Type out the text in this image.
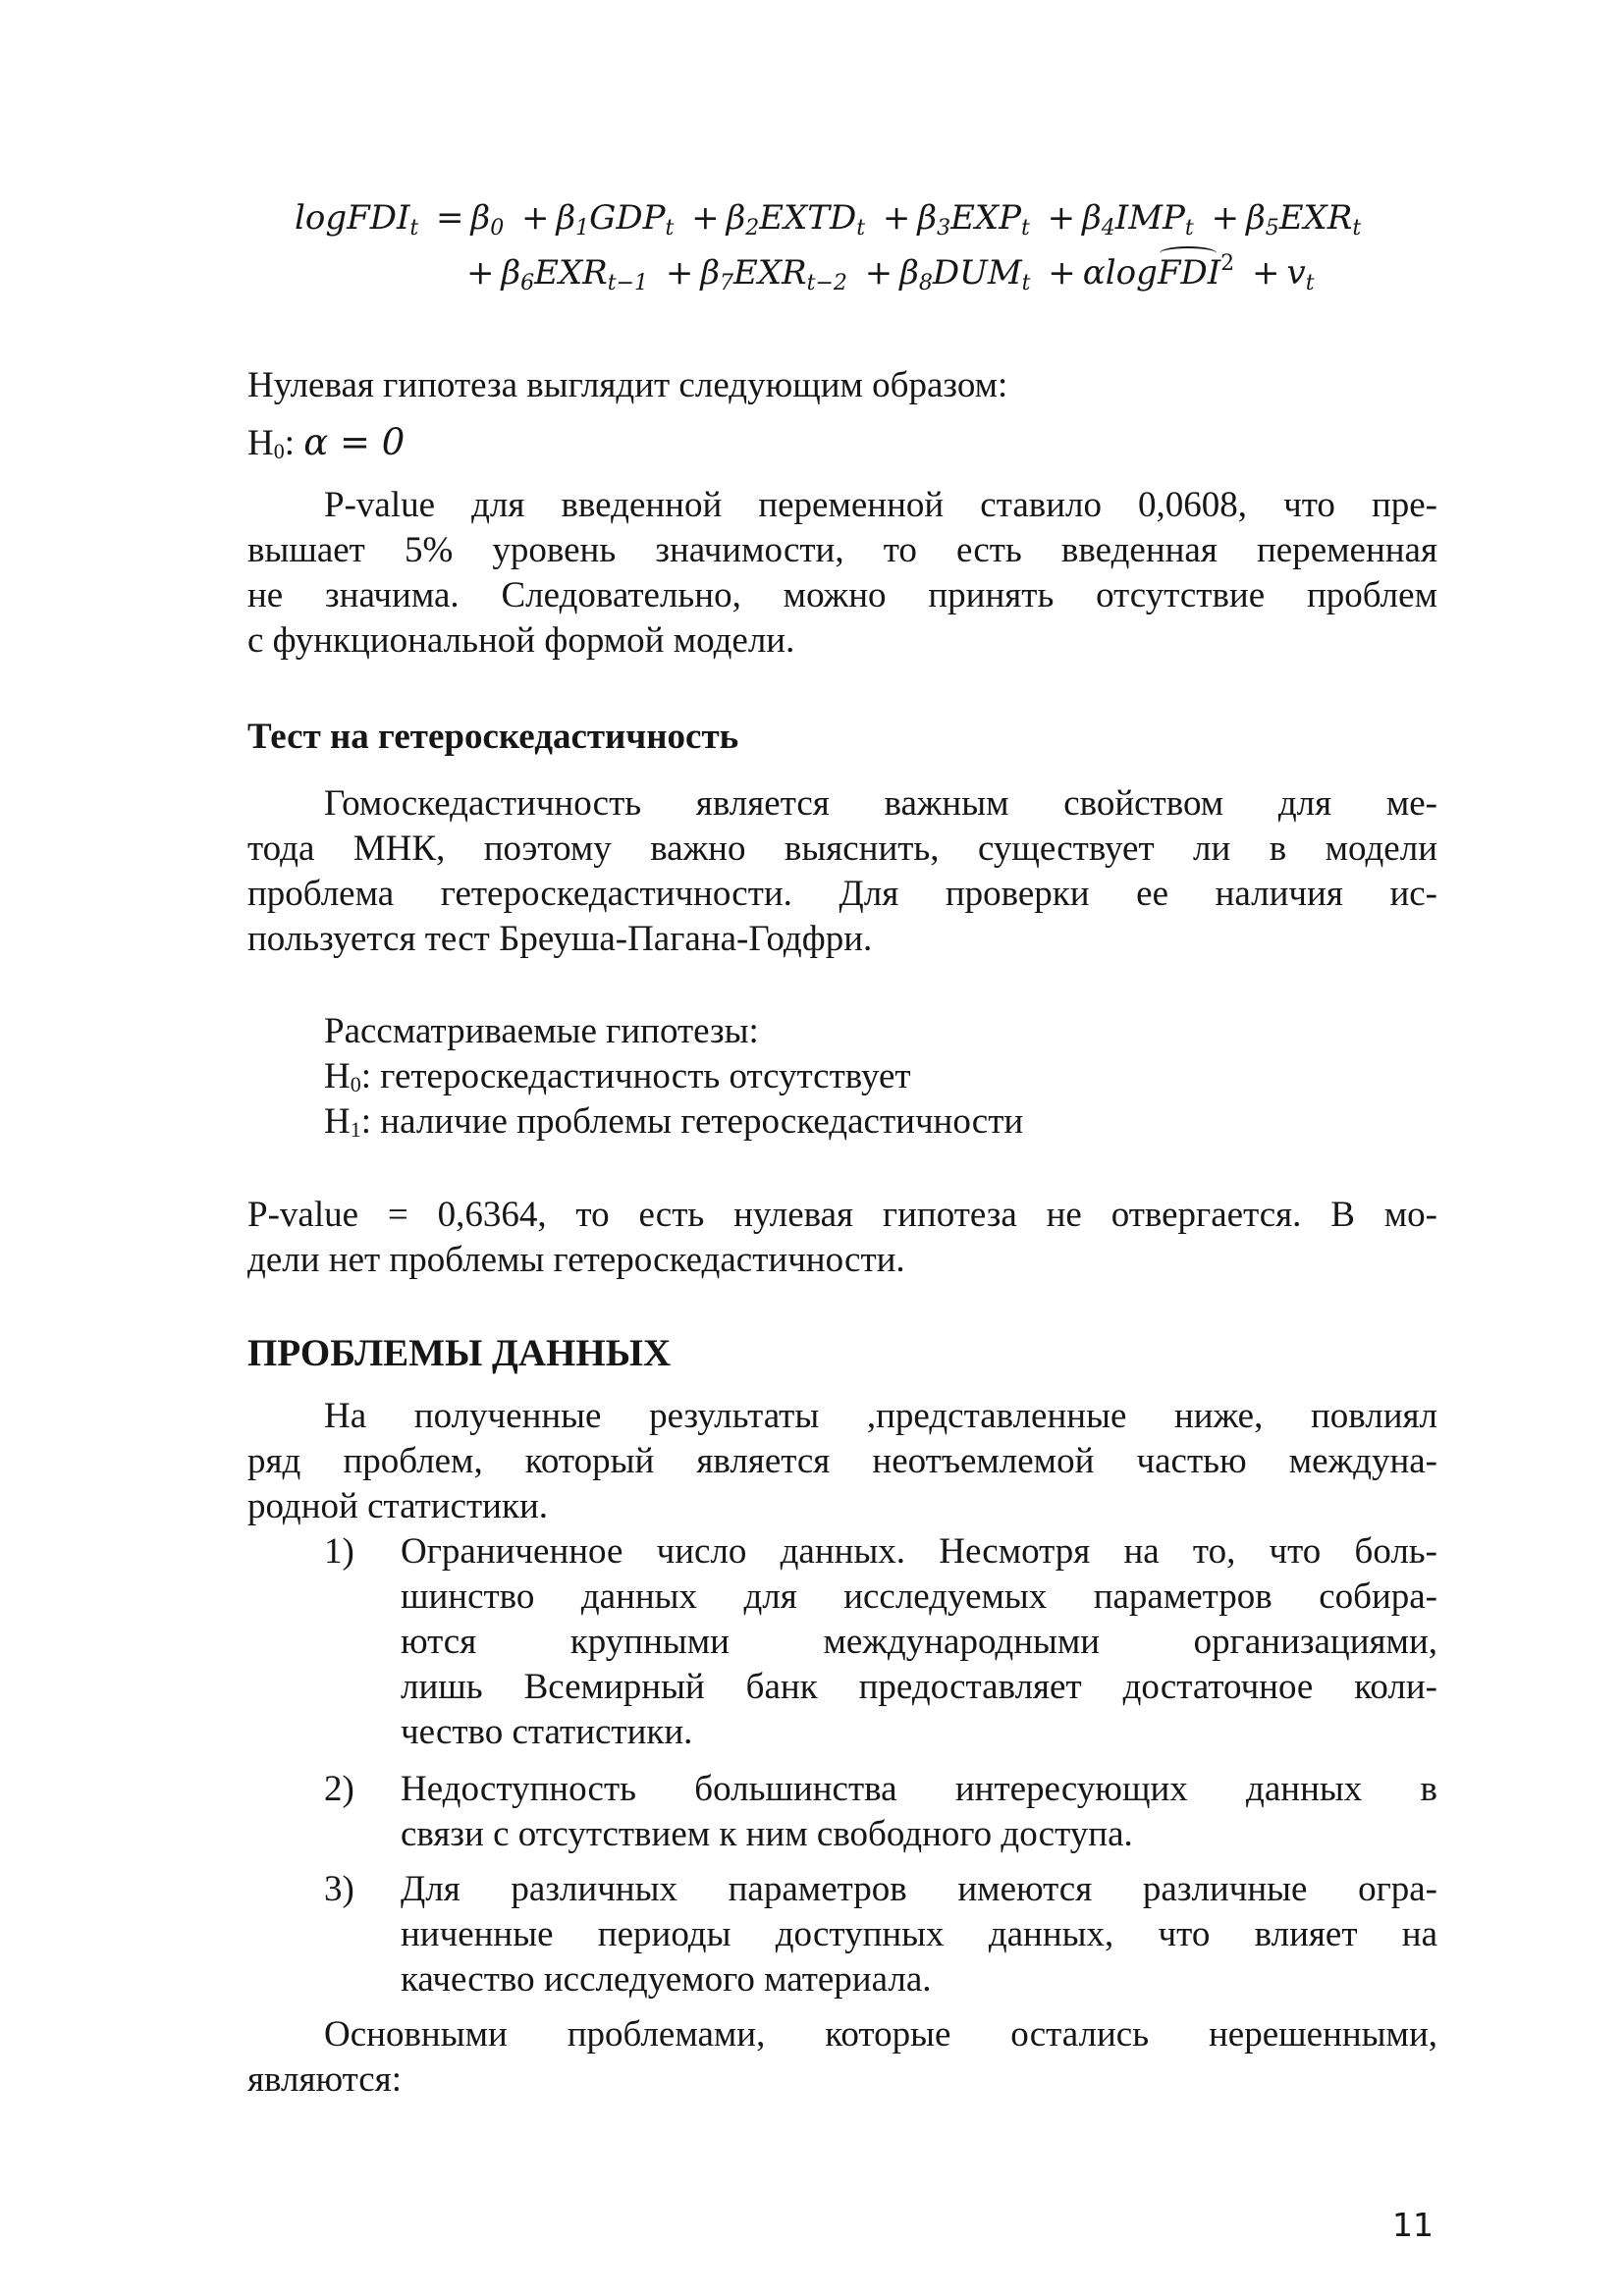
logFDI$_t$ = $\beta_0 + \beta_1GDP_t$ + $\beta_2EXTD_t + \beta_3EXP_t + \beta_4IMP_t + \beta_5EXR_t$
+ $\beta_6EXR_{t-1} + \beta_7EXR_{t-2} + \beta_8DUM_t$ + αlogFDI$^2$ + $v_t$
Нулевая гипотеза выглядит следующим образом:
H0: α = 0
P-value для введенной переменной ставило 0,0608, что пре-
вышает 5% уровень значимости, то есть введенная переменная
не значима. Следовательно, можно принять отсутствие проблем
с функциональной формой модели.
Тест на гетероскедастичность
Гомоскедастичность является важным свойством для ме-
тода МНК, поэтому важно выяснить, существует ли в модели
проблема гетероскедастичности. Для проверки ее наличия ис-
пользуется тест Бреуша-Пагана-Годфри.
Рассматриваемые гипотезы:
H0: гетероскедастичность отсутствует
H1: наличие проблемы гетероскедастичности
P-value = 0,6364, то есть нулевая гипотеза не отвергается. В мо-
дели нет проблемы гетероскедастичности.
ПРОБЛЕМЫ ДАННЫХ
На полученные результаты ,представленные ниже, повлиял
ряд проблем, который является неотъемлемой частью междуна-
родной статистики.
1) Ограниченное число данных. Несмотря на то, что боль-
шинство данных для исследуемых параметров собира-
ются крупными международными организациями,
лишь Всемирный банк предоставляет достаточное коли-
чество статистики.
2) Недоступность большинства интересующих данных в
связи с отсутствием к ним свободного доступа.
3) Для различных параметров имеются различные огра-
ниченные периоды доступных данных, что влияет на
качество исследуемого материала.
Основными проблемами, которые остались нерешенными,
являются:
11
